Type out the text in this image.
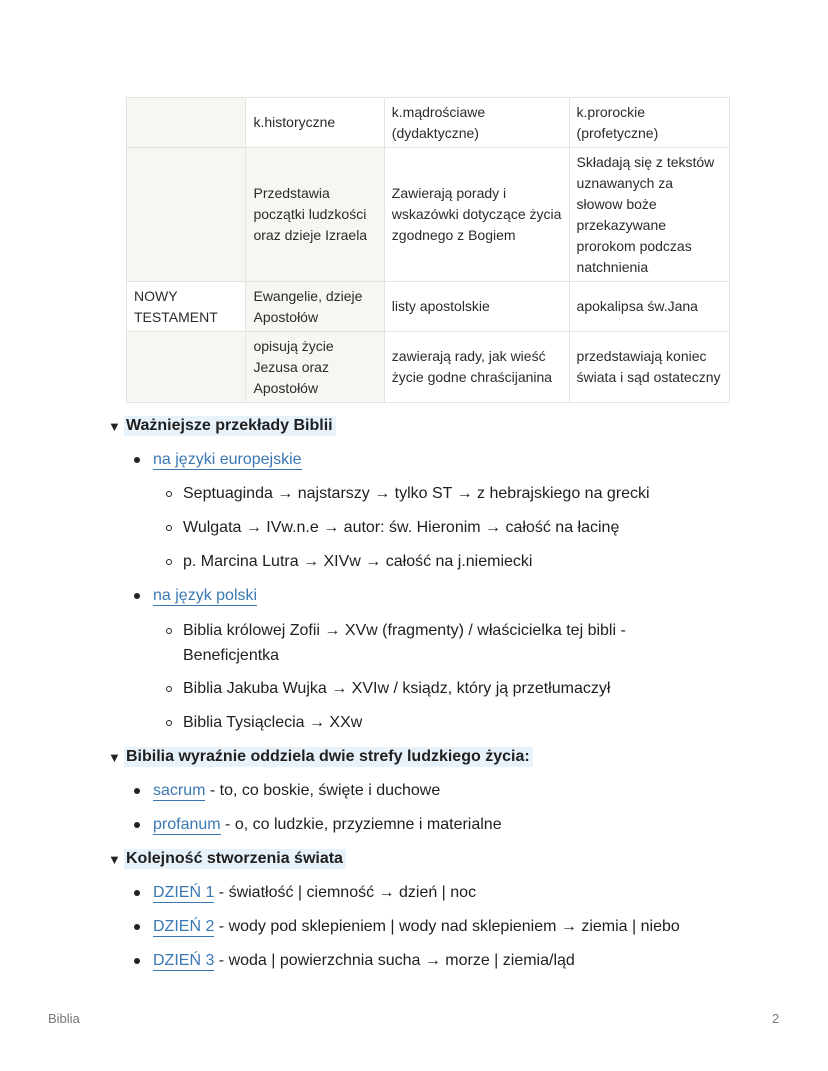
	k.historyczne	k.mądrościawe (dydaktyczne)	k.prorockie (profetyczne)
	Przedstawia początki ludzkości oraz dzieje Izraela	Zawierają porady i wskazówki dotyczące życia zgodnego z Bogiem	Składają się z tekstów uznawanych za słowow boże przekazywane prorokom podczas natchnienia
NOWY TESTAMENT	Ewangelie, dzieje Apostołów	listy apostolskie	apokalipsa św.Jana
	opisują życie Jezusa oraz Apostołów	zawierają rady, jak wieść życie godne chraścijanina	przedstawiają koniec świata i sąd ostateczny
▼ Ważniejsze przekłady Biblii
na języki europejskie
Septuaginda → najstarszy → tylko ST → z hebrajskiego na grecki
Wulgata → IVw.n.e → autor: św. Hieronim → całość na łacinę
p. Marcina Lutra → XIVw → całość na j.niemiecki
na język polski
Biblia królowej Zofii → XVw (fragmenty) / właścicielka tej bibli - Beneficjentka
Biblia Jakuba Wujka → XVIw / ksiądz, który ją przetłumaczył
Biblia Tysiąclecia → XXw
▼ Bibilia wyraźnie oddziela dwie strefy ludzkiego życia:
sacrum - to, co boskie, święte i duchowe
profanum - o, co ludzkie, przyziemne i materialne
▼ Kolejność stworzenia świata
DZIEŃ 1 - światłość | ciemność → dzień | noc
DZIEŃ 2 - wody pod sklepieniem | wody nad sklepieniem → ziemia | niebo
DZIEŃ 3 - woda | powierzchnia sucha → morze | ziemia/ląd
Biblia	2
